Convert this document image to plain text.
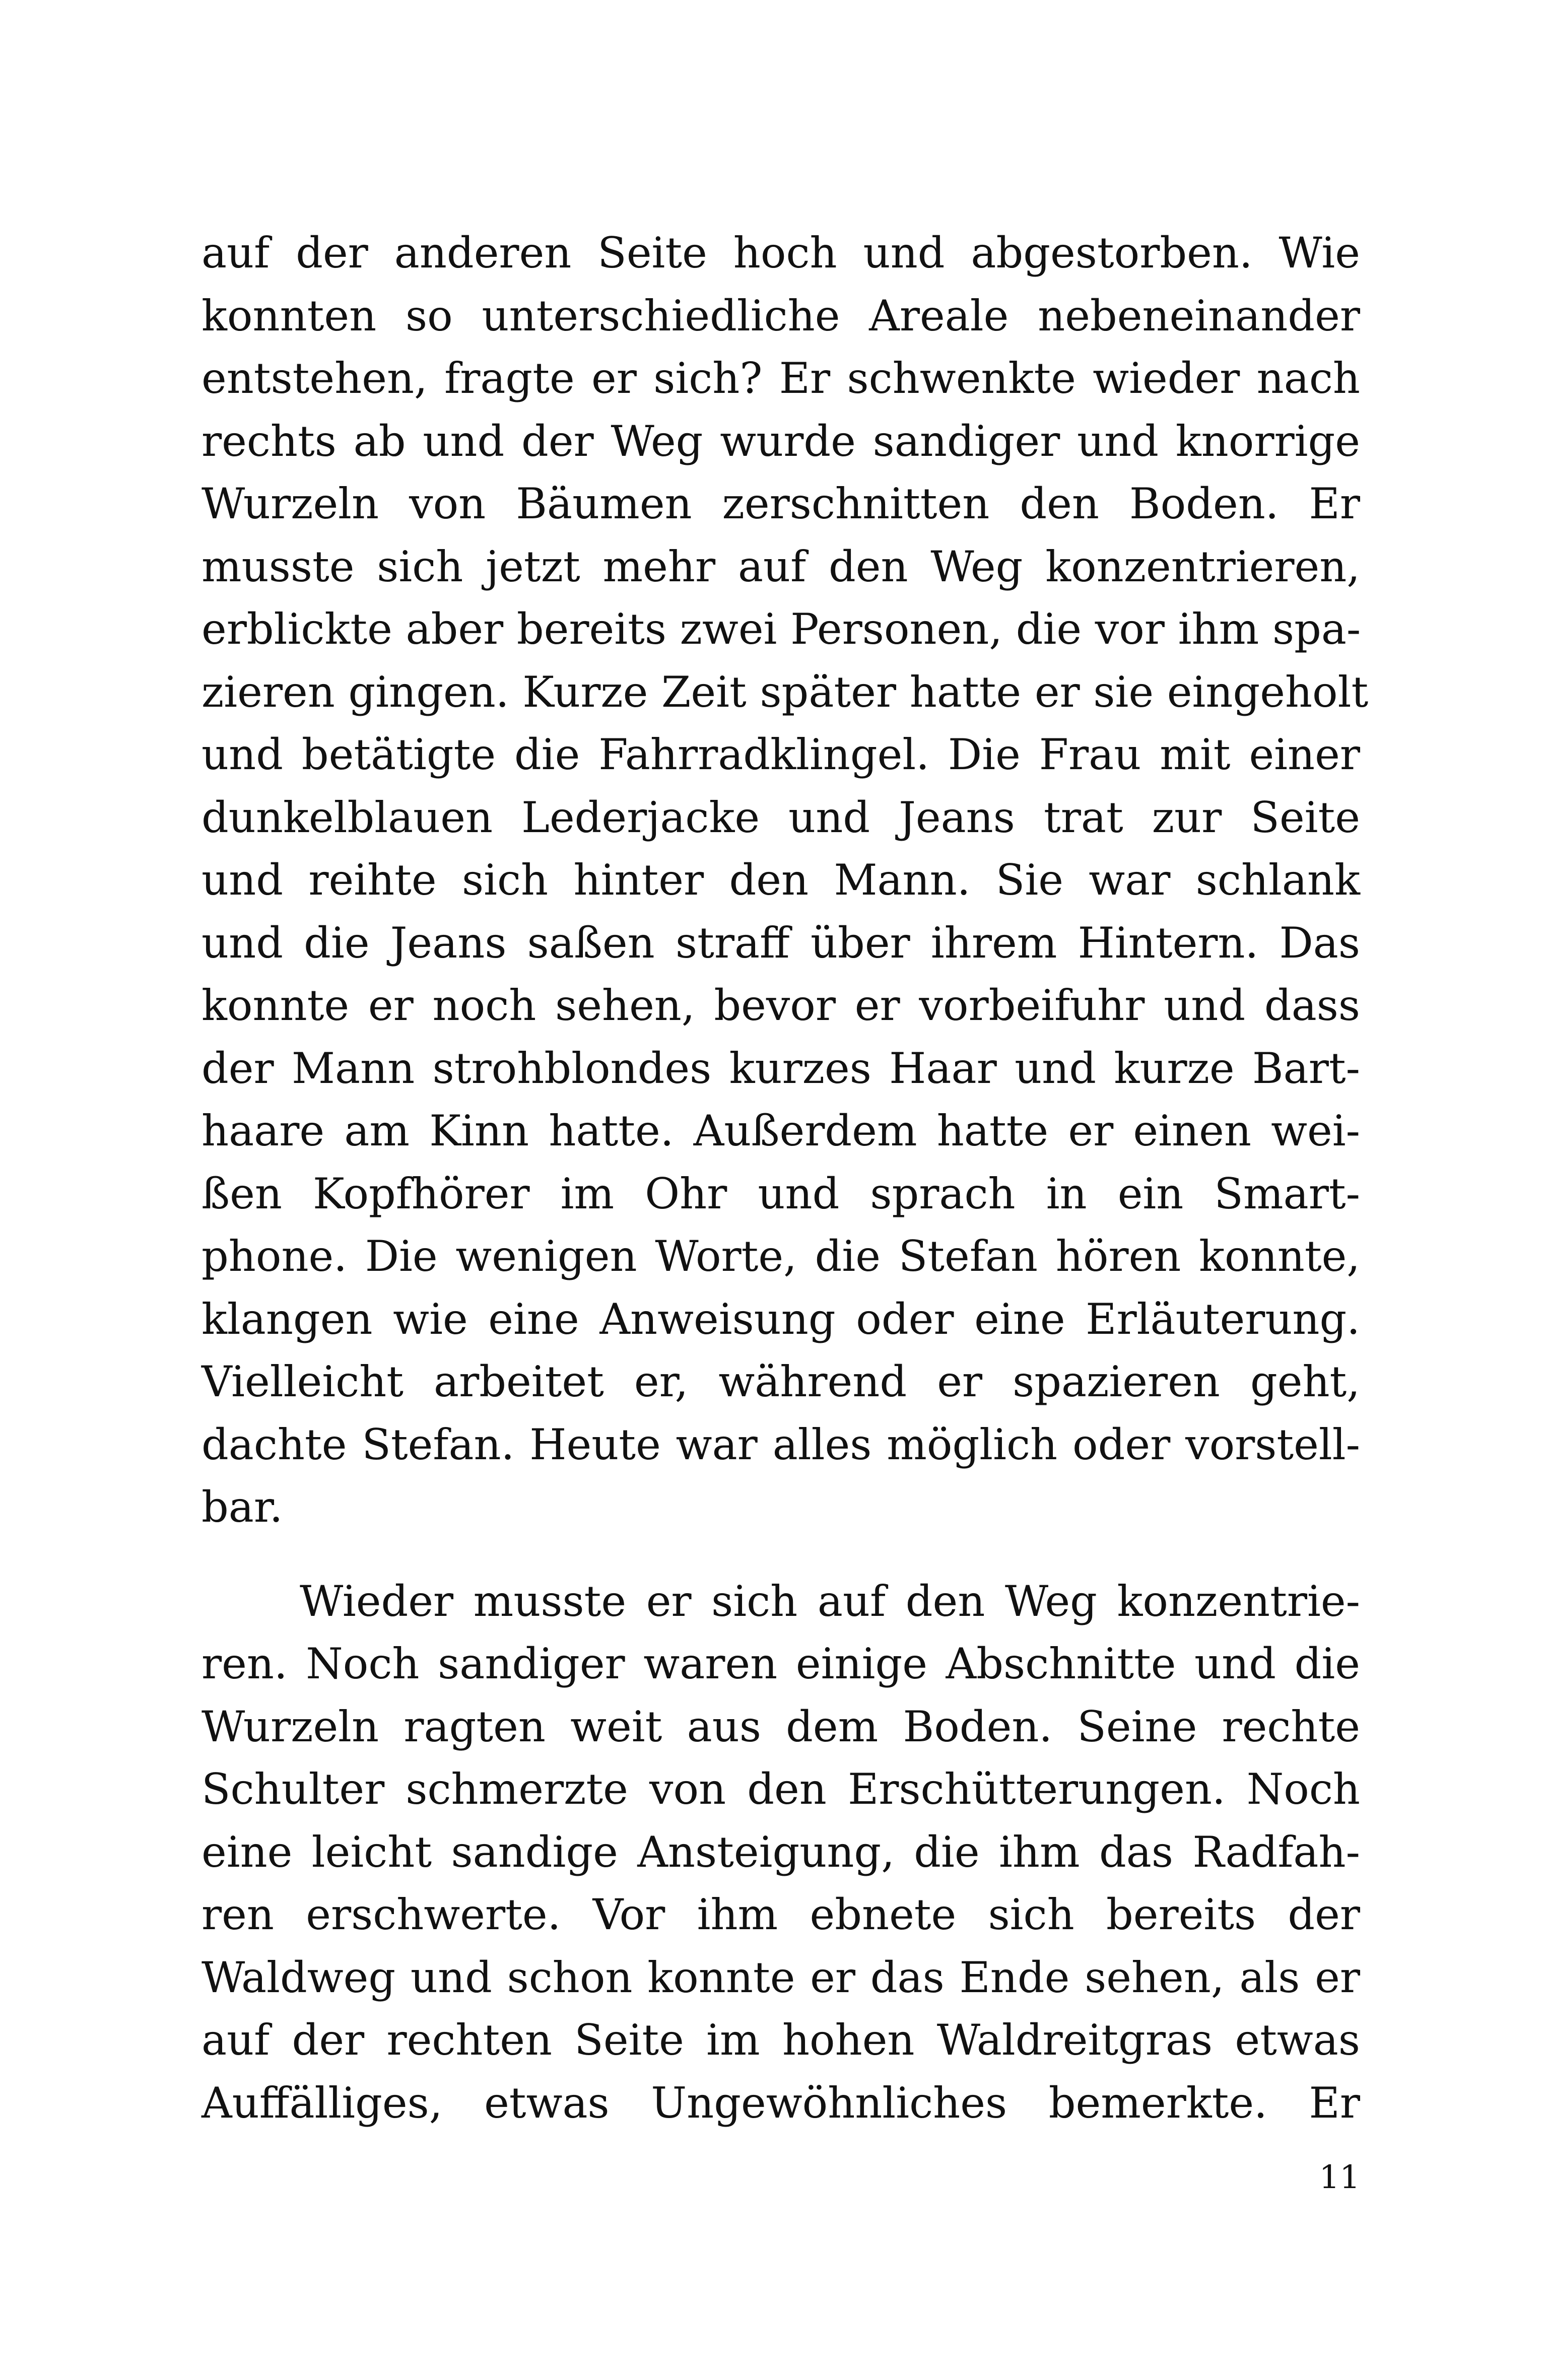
auf der anderen Seite hoch und abgestorben. Wie
konnten so unterschiedliche Areale nebeneinander
entstehen, fragte er sich? Er schwenkte wieder nach
rechts ab und der Weg wurde sandiger und knorrige
Wurzeln von Bäumen zerschnitten den Boden. Er
musste sich jetzt mehr auf den Weg konzentrieren,
erblickte aber bereits zwei Personen, die vor ihm spa-
zieren gingen. Kurze Zeit später hatte er sie eingeholt
und betätigte die Fahrradklingel. Die Frau mit einer
dunkelblauen Lederjacke und Jeans trat zur Seite
und reihte sich hinter den Mann. Sie war schlank
und die Jeans saßen straff über ihrem Hintern. Das
konnte er noch sehen, bevor er vorbeifuhr und dass
der Mann strohblondes kurzes Haar und kurze Bart-
haare am Kinn hatte. Außerdem hatte er einen wei-
ßen Kopfhörer im Ohr und sprach in ein Smart-
phone. Die wenigen Worte, die Stefan hören konnte,
klangen wie eine Anweisung oder eine Erläuterung.
Vielleicht arbeitet er, während er spazieren geht,
dachte Stefan. Heute war alles möglich oder vorstell-
bar.
Wieder musste er sich auf den Weg konzentrie-
ren. Noch sandiger waren einige Abschnitte und die
Wurzeln ragten weit aus dem Boden. Seine rechte
Schulter schmerzte von den Erschütterungen. Noch
eine leicht sandige Ansteigung, die ihm das Radfah-
ren erschwerte. Vor ihm ebnete sich bereits der
Waldweg und schon konnte er das Ende sehen, als er
auf der rechten Seite im hohen Waldreitgras etwas
Auffälliges, etwas Ungewöhnliches bemerkte. Er
11
